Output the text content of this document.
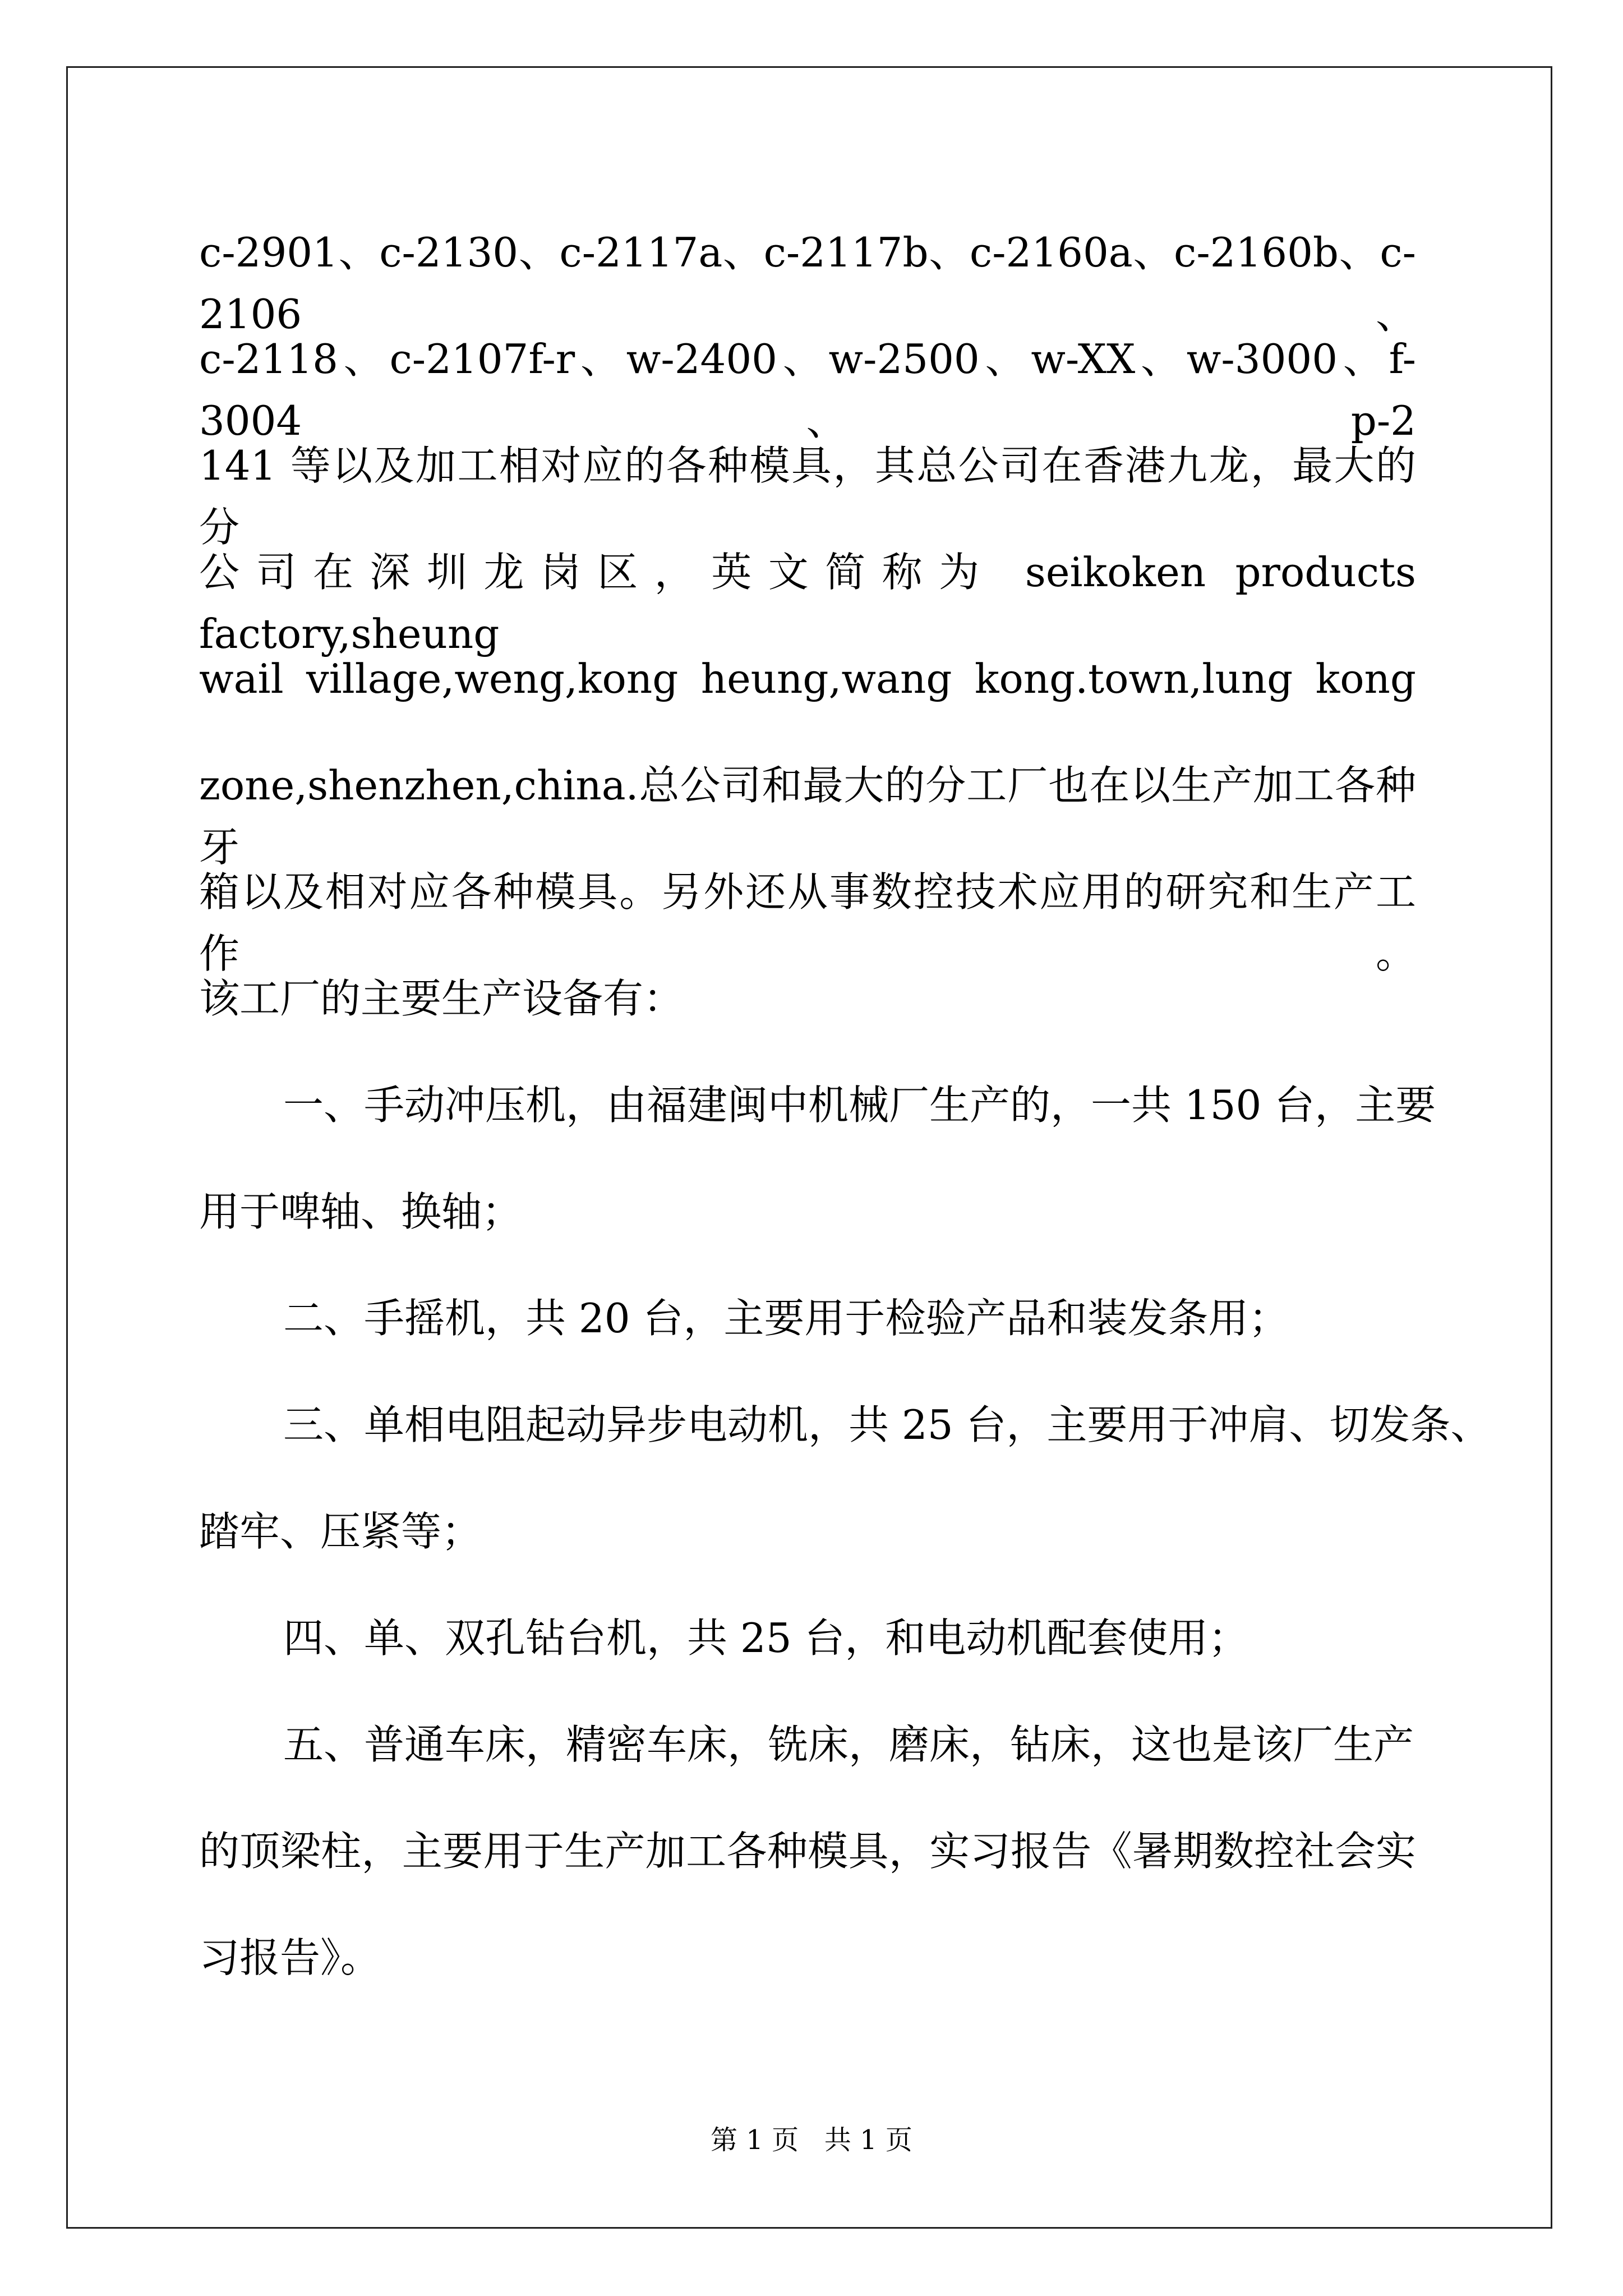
c-2901、c-2130、c-2117a、c-2117b、c-2160a、c-2160b、c-2106、
c-2118、c-2107f-r、w-2400、w-2500、w-XX、w-3000、f-3004、p-2
141 等以及加工相对应的各种模具，其总公司在香港九龙，最大的分
公司在深圳龙岗区，英文简称为 seikoken products factory,sheung
wail village,weng,kong heung,wang kong.town,lung kong
zone,shenzhen,china.总公司和最大的分工厂也在以生产加工各种牙
箱以及相对应各种模具。另外还从事数控技术应用的研究和生产工作。
该工厂的主要生产设备有：
一、手动冲压机，由福建闽中机械厂生产的，一共 150 台，主要
用于啤轴、换轴；
二、手摇机，共 20 台，主要用于检验产品和装发条用；
三、单相电阻起动异步电动机，共 25 台，主要用于冲肩、切发条、
踏牢、压紧等；
四、单、双孔钻台机，共 25 台，和电动机配套使用；
五、普通车床，精密车床，铣床，磨床，钻床，这也是该厂生产
的顶梁柱，主要用于生产加工各种模具，实习报告《暑期数控社会实
习报告》。
第 1 页   共 1 页
